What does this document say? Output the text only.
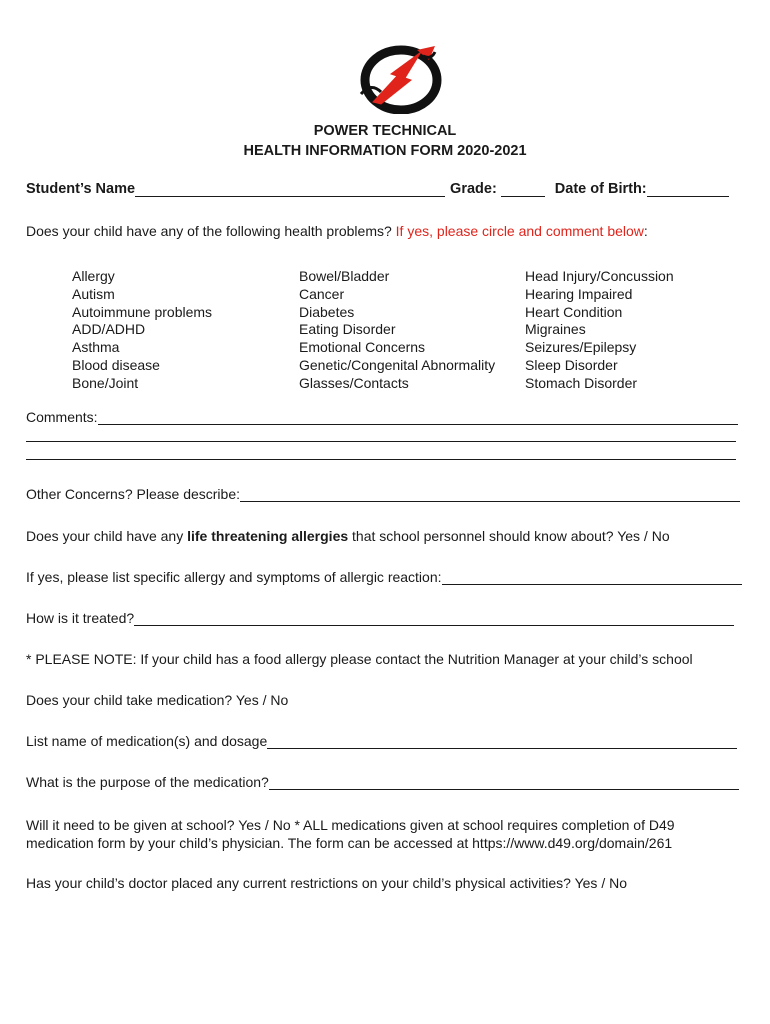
POWER TECHNICAL
HEALTH INFORMATION FORM 2020-2021
Student’s Name	Grade:	Date of Birth:
Does your child have any of the following health problems? If yes, please circle and comment below:
Allergy
Autism
Autoimmune problems
ADD/ADHD
Asthma
Blood disease
Bone/Joint
Bowel/Bladder
Cancer
Diabetes
Eating Disorder
Emotional Concerns
Genetic/Congenital Abnormality
Glasses/Contacts
Head Injury/Concussion
Hearing Impaired
Heart Condition
Migraines
Seizures/Epilepsy
Sleep Disorder
Stomach Disorder
Comments:
Other Concerns? Please describe:
Does your child have any life threatening allergies that school personnel should know about? Yes / No
If yes, please list specific allergy and symptoms of allergic reaction:
How is it treated?
* PLEASE NOTE: If your child has a food allergy please contact the Nutrition Manager at your child’s school
Does your child take medication? Yes / No
List name of medication(s) and dosage
What is the purpose of the medication?
Will it need to be given at school? Yes / No * ALL medications given at school requires completion of D49
medication form by your child’s physician. The form can be accessed at https://www.d49.org/domain/261
Has your child’s doctor placed any current restrictions on your child’s physical activities? Yes / No
